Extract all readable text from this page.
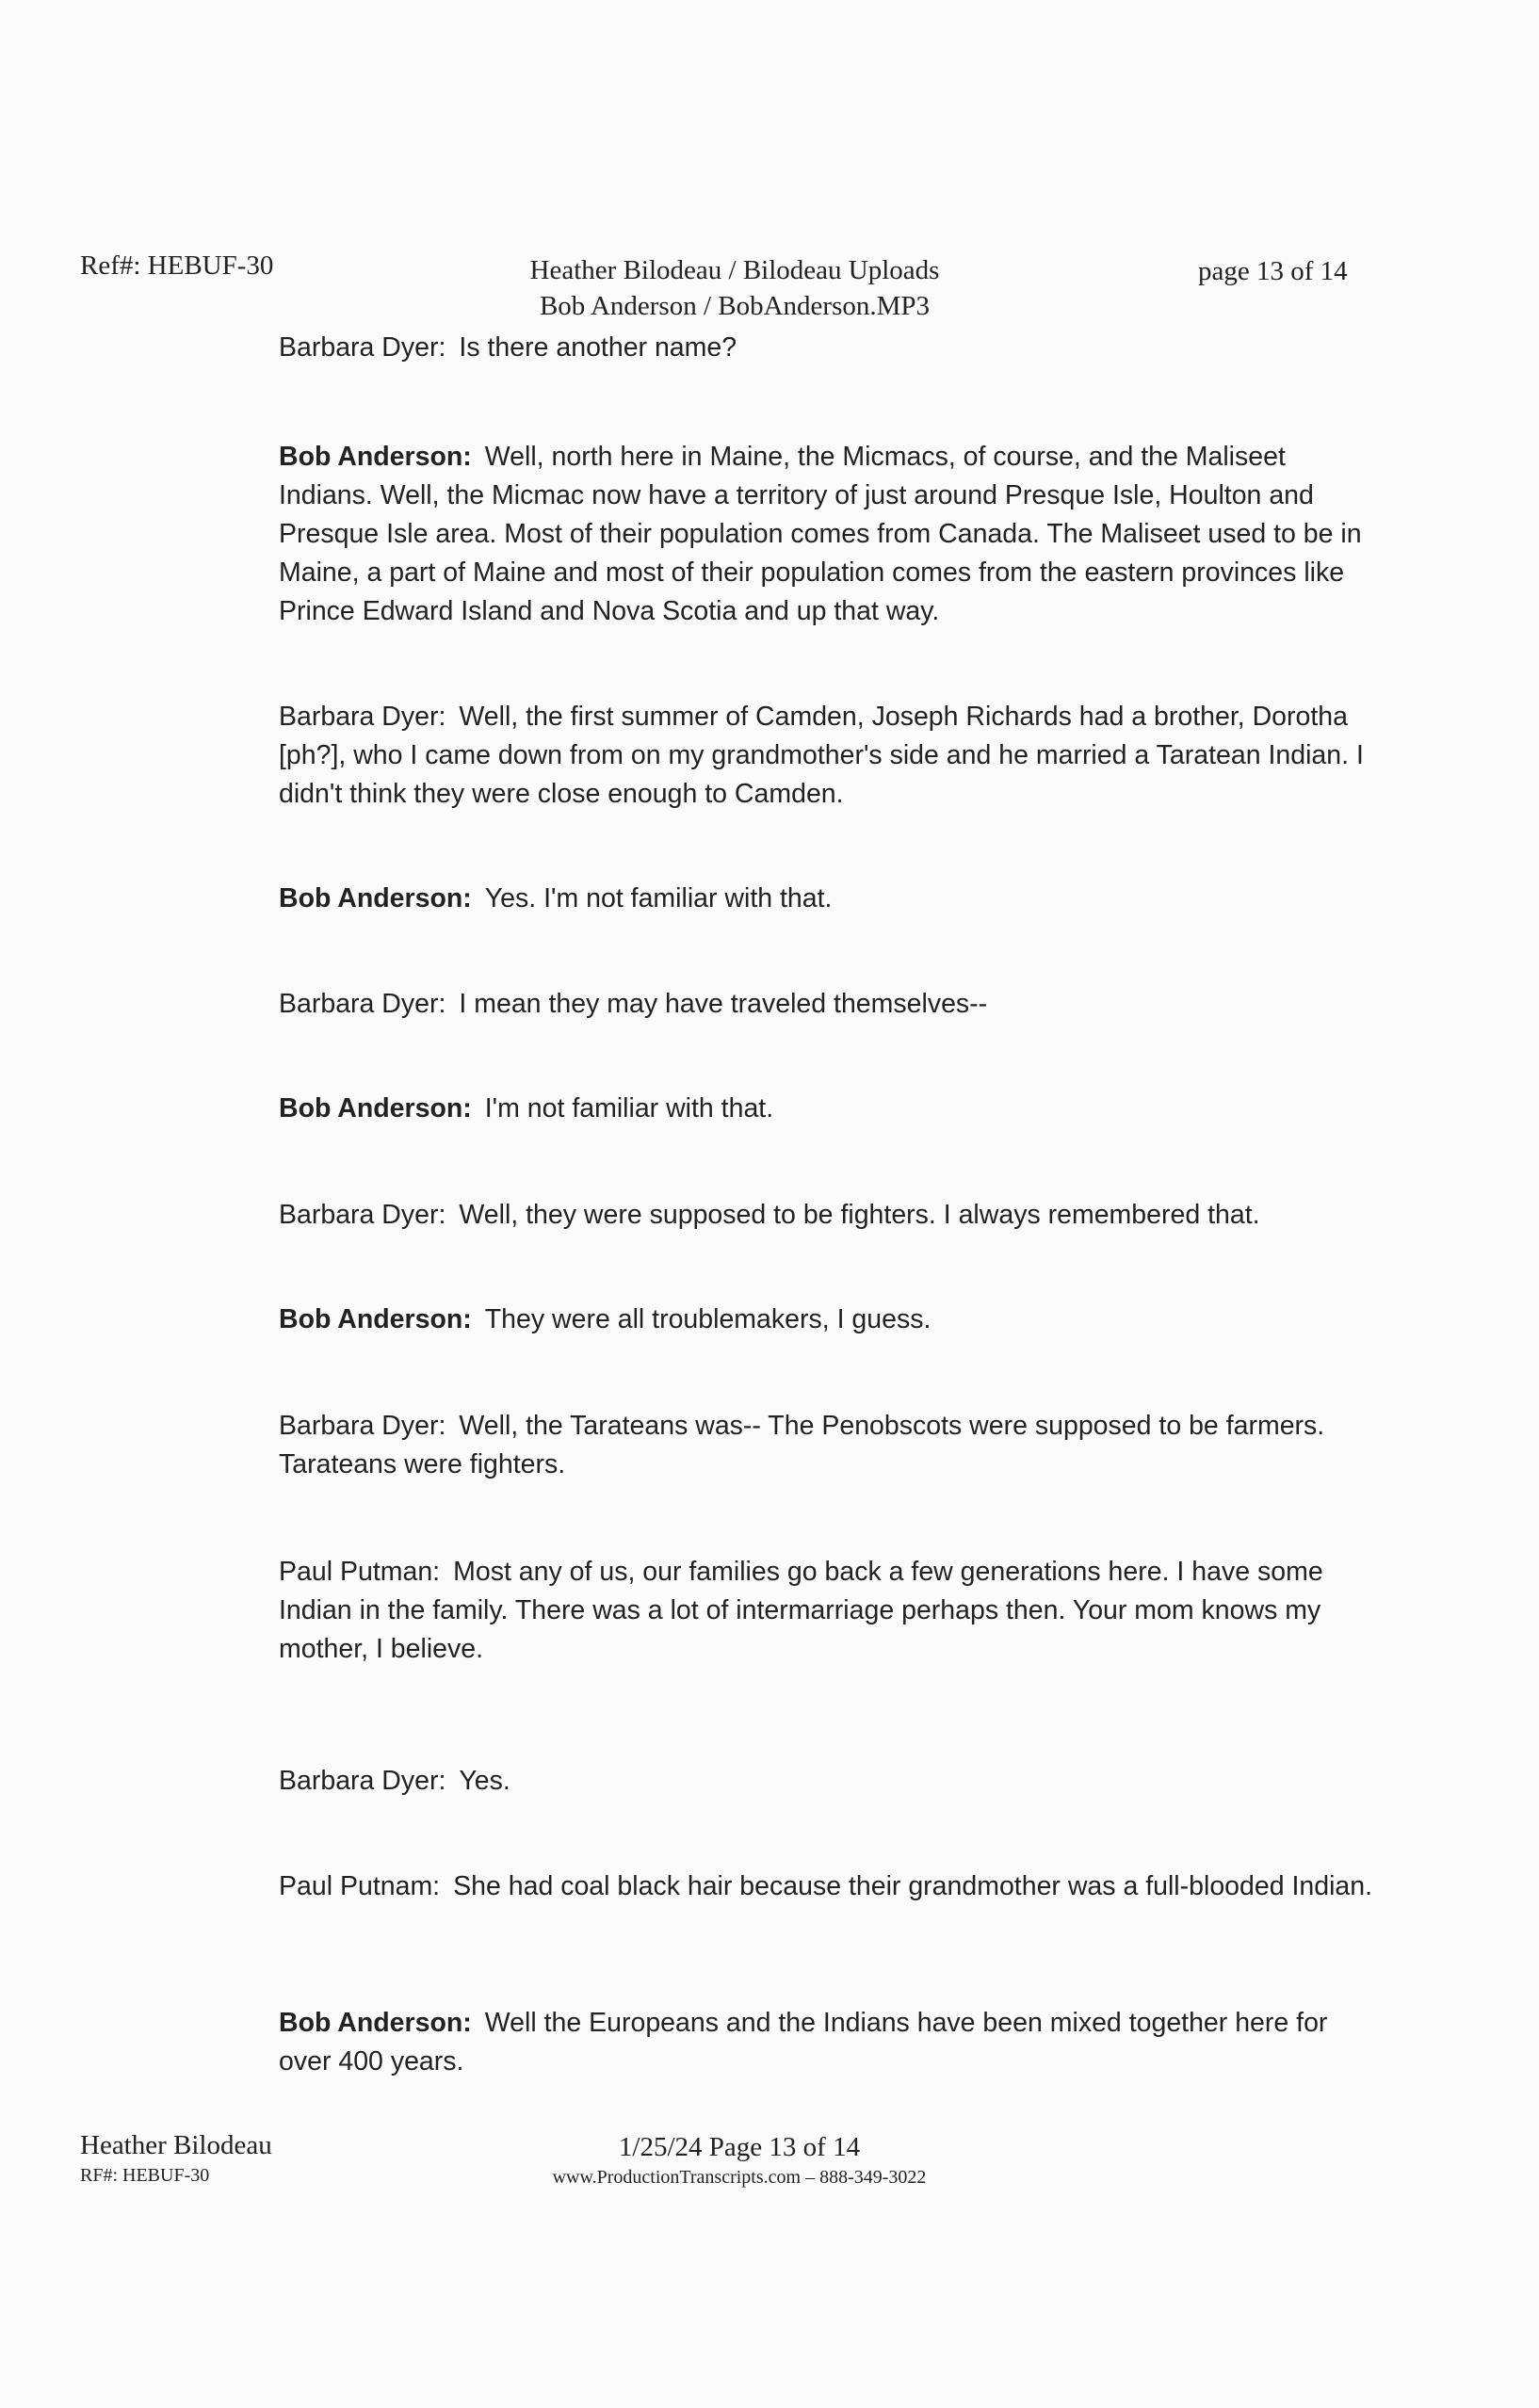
Ref#: HEBUF-30	Heather Bilodeau / Bilodeau Uploads
Bob Anderson / BobAnderson.MP3
page 13 of 14
Barbara Dyer: Is there another name?
Bob Anderson: Well, north here in Maine, the Micmacs, of course, and the Maliseet Indians. Well, the Micmac now have a territory of just around Presque Isle, Houlton and Presque Isle area. Most of their population comes from Canada. The Maliseet used to be in Maine, a part of Maine and most of their population comes from the eastern provinces like Prince Edward Island and Nova Scotia and up that way.
Barbara Dyer: Well, the first summer of Camden, Joseph Richards had a brother, Dorotha [ph?], who I came down from on my grandmother's side and he married a Taratean Indian. I didn't think they were close enough to Camden.
Bob Anderson: Yes. I'm not familiar with that.
Barbara Dyer: I mean they may have traveled themselves--
Bob Anderson: I'm not familiar with that.
Barbara Dyer: Well, they were supposed to be fighters. I always remembered that.
Bob Anderson: They were all troublemakers, I guess.
Barbara Dyer: Well, the Tarateans was-- The Penobscots were supposed to be farmers. Tarateans were fighters.
Paul Putman: Most any of us, our families go back a few generations here. I have some Indian in the family. There was a lot of intermarriage perhaps then. Your mom knows my mother, I believe.
Barbara Dyer: Yes.
Paul Putnam: She had coal black hair because their grandmother was a full-blooded Indian.
Bob Anderson: Well the Europeans and the Indians have been mixed together here for over 400 years.
Heather Bilodeau
RF#: HEBUF-30
1/25/24 Page 13 of 14
www.ProductionTranscripts.com – 888-349-3022
